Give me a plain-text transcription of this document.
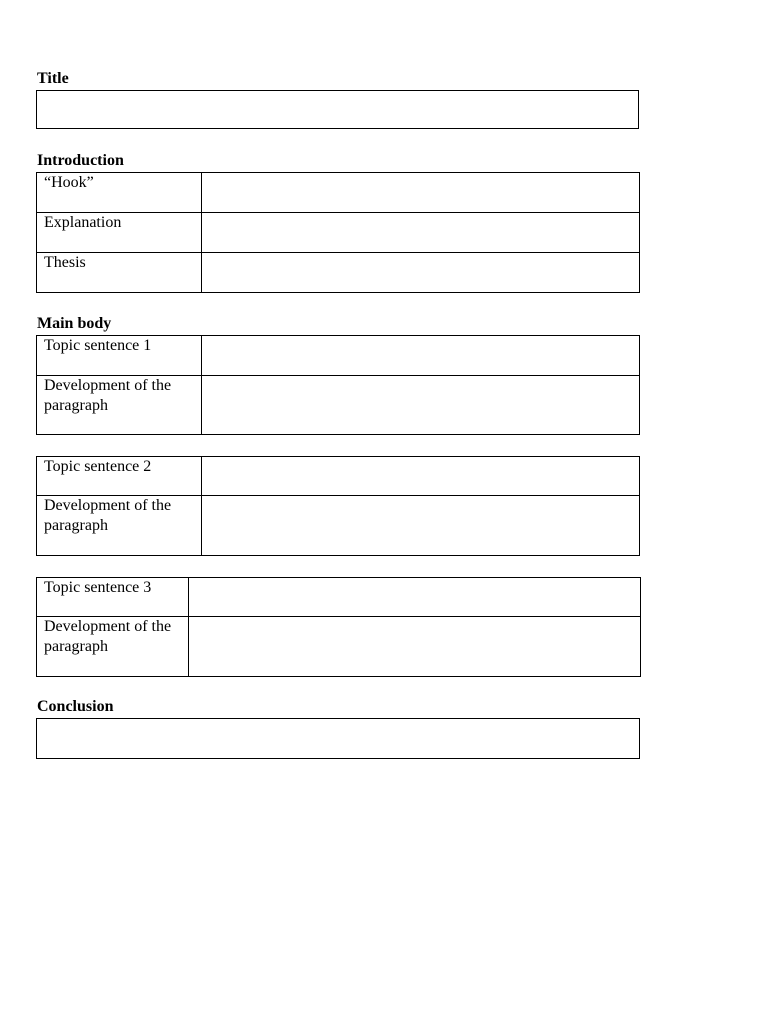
Title
Introduction
“Hook”	
Explanation	
Thesis	
Main body
Topic sentence 1	
Development of the paragraph	
Topic sentence 2	
Development of the paragraph	
Topic sentence 3	
Development of the paragraph	
Conclusion
